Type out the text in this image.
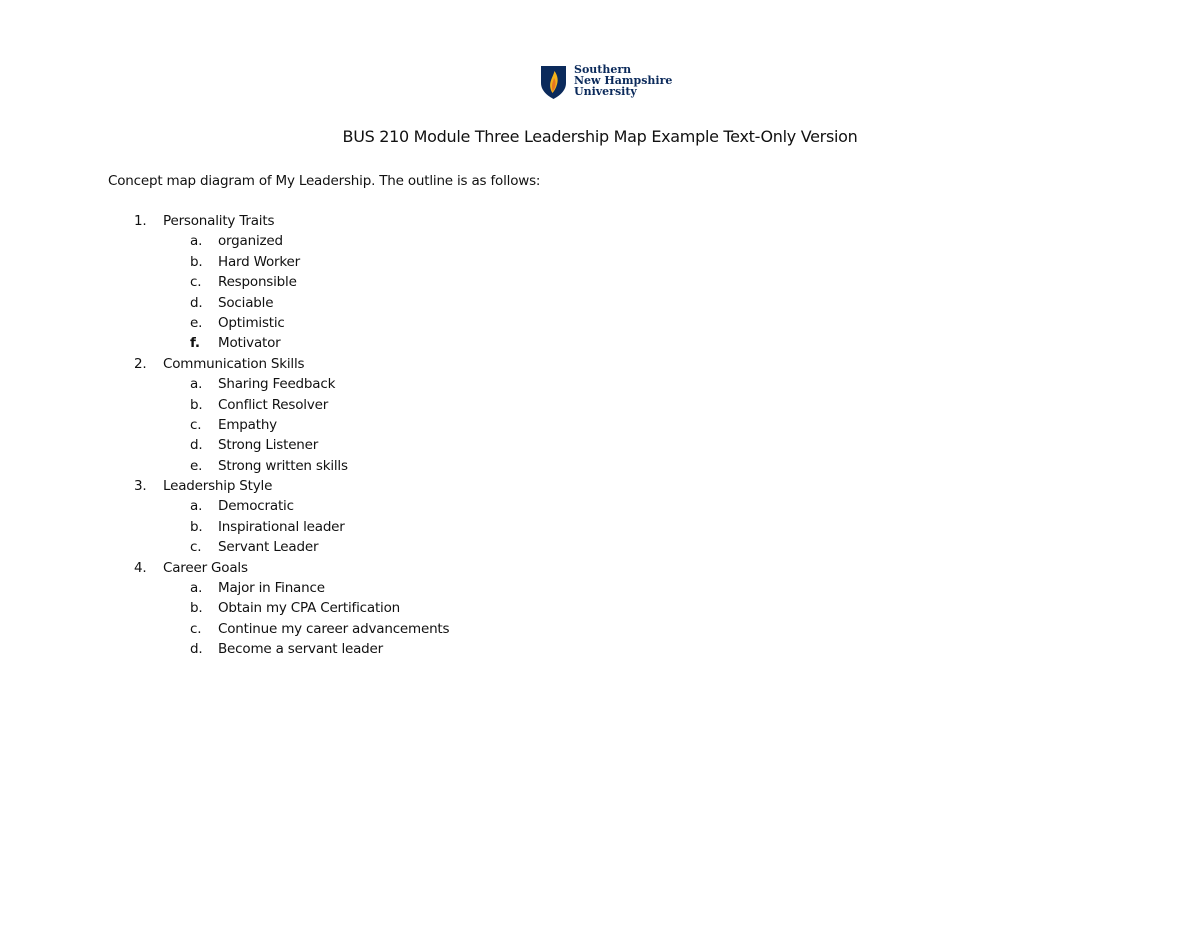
Southern
New Hampshire
University
BUS 210 Module Three Leadership Map Example Text-Only Version
Concept map diagram of My Leadership. The outline is as follows:
1. Personality Traits
a. organized
b. Hard Worker
c. Responsible
d. Sociable
e. Optimistic
f. Motivator
2. Communication Skills
a. Sharing Feedback
b. Conflict Resolver
c. Empathy
d. Strong Listener
e. Strong written skills
3. Leadership Style
a. Democratic
b. Inspirational leader
c. Servant Leader
4. Career Goals
a. Major in Finance
b. Obtain my CPA Certification
c. Continue my career advancements
d. Become a servant leader
